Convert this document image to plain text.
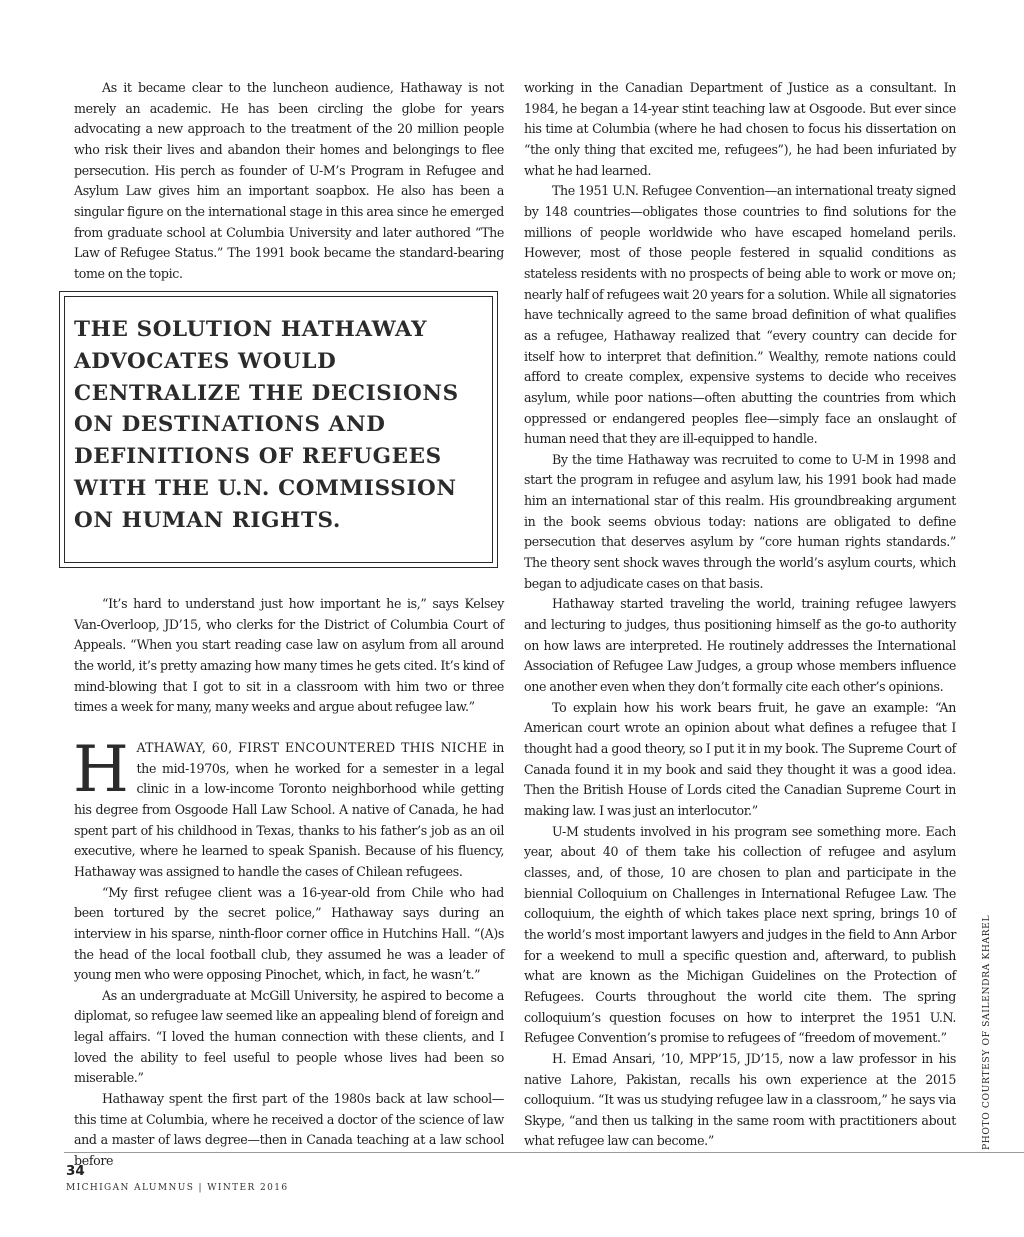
As it became clear to the luncheon audience, Hathaway is not merely an academic. He has been circling the globe for years advocating a new approach to the treatment of the 20 million people who risk their lives and abandon their homes and belongings to flee persecution. His perch as founder of U-M’s Program in Refugee and Asylum Law gives him an important soapbox. He also has been a singular figure on the international stage in this area since he emerged from graduate school at Columbia University and later authored “The Law of Refugee Status.” The 1991 book became the standard-bearing tome on the topic.

THE SOLUTION HATHAWAY ADVOCATES WOULD CENTRALIZE THE DECISIONS ON DESTINATIONS AND DEFINITIONS OF REFUGEES WITH THE U.N. COMMISSION ON HUMAN RIGHTS.

“It’s hard to understand just how important he is,” says Kelsey Van-Overloop, JD’15, who clerks for the District of Columbia Court of Appeals. “When you start reading case law on asylum from all around the world, it’s pretty amazing how many times he gets cited. It’s kind of mind-blowing that I got to sit in a classroom with him two or three times a week for many, many weeks and argue about refugee law.”

HATHAWAY, 60, FIRST ENCOUNTERED THIS NICHE in the mid-1970s, when he worked for a semester in a legal clinic in a low-income Toronto neighborhood while getting his degree from Osgoode Hall Law School. A native of Canada, he had spent part of his childhood in Texas, thanks to his father’s job as an oil executive, where he learned to speak Spanish. Because of his fluency, Hathaway was assigned to handle the cases of Chilean refugees.

“My first refugee client was a 16-year-old from Chile who had been tortured by the secret police,” Hathaway says during an interview in his sparse, ninth-floor corner office in Hutchins Hall. “(A)s the head of the local football club, they assumed he was a leader of young men who were opposing Pinochet, which, in fact, he wasn’t.”

As an undergraduate at McGill University, he aspired to become a diplomat, so refugee law seemed like an appealing blend of foreign and legal affairs. “I loved the human connection with these clients, and I loved the ability to feel useful to people whose lives had been so miserable.”

Hathaway spent the first part of the 1980s back at law school—this time at Columbia, where he received a doctor of the science of law and a master of laws degree—then in Canada teaching at a law school before

working in the Canadian Department of Justice as a consultant. In 1984, he began a 14-year stint teaching law at Osgoode. But ever since his time at Columbia (where he had chosen to focus his dissertation on “the only thing that excited me, refugees”), he had been infuriated by what he had learned.

The 1951 U.N. Refugee Convention—an international treaty signed by 148 countries—obligates those countries to find solutions for the millions of people worldwide who have escaped homeland perils. However, most of those people festered in squalid conditions as stateless residents with no prospects of being able to work or move on; nearly half of refugees wait 20 years for a solution. While all signatories have technically agreed to the same broad definition of what qualifies as a refugee, Hathaway realized that “every country can decide for itself how to interpret that definition.” Wealthy, remote nations could afford to create complex, expensive systems to decide who receives asylum, while poor nations—often abutting the countries from which oppressed or endangered peoples flee—simply face an onslaught of human need that they are ill-equipped to handle.

By the time Hathaway was recruited to come to U-M in 1998 and start the program in refugee and asylum law, his 1991 book had made him an international star of this realm. His groundbreaking argument in the book seems obvious today: nations are obligated to define persecution that deserves asylum by “core human rights standards.” The theory sent shock waves through the world’s asylum courts, which began to adjudicate cases on that basis.

Hathaway started traveling the world, training refugee lawyers and lecturing to judges, thus positioning himself as the go-to authority on how laws are interpreted. He routinely addresses the International Association of Refugee Law Judges, a group whose members influence one another even when they don’t formally cite each other’s opinions.

To explain how his work bears fruit, he gave an example: “An American court wrote an opinion about what defines a refugee that I thought had a good theory, so I put it in my book. The Supreme Court of Canada found it in my book and said they thought it was a good idea. Then the British House of Lords cited the Canadian Supreme Court in making law. I was just an interlocutor.”

U-M students involved in his program see something more. Each year, about 40 of them take his collection of refugee and asylum classes, and, of those, 10 are chosen to plan and participate in the biennial Colloquium on Challenges in International Refugee Law. The colloquium, the eighth of which takes place next spring, brings 10 of the world’s most important lawyers and judges in the field to Ann Arbor for a weekend to mull a specific question and, afterward, to publish what are known as the Michigan Guidelines on the Protection of Refugees. Courts throughout the world cite them. The spring colloquium’s question focuses on how to interpret the 1951 U.N. Refugee Convention’s promise to refugees of “freedom of movement.”

H. Emad Ansari, ’10, MPP’15, JD’15, now a law professor in his native Lahore, Pakistan, recalls his own experience at the 2015 colloquium. “It was us studying refugee law in a classroom,” he says via Skype, “and then us talking in the same room with practitioners about what refugee law can become.”	PHOTO COURTESY OF SAILENDRA KHAREL
34
MICHIGAN ALUMNUS | WINTER 2016
